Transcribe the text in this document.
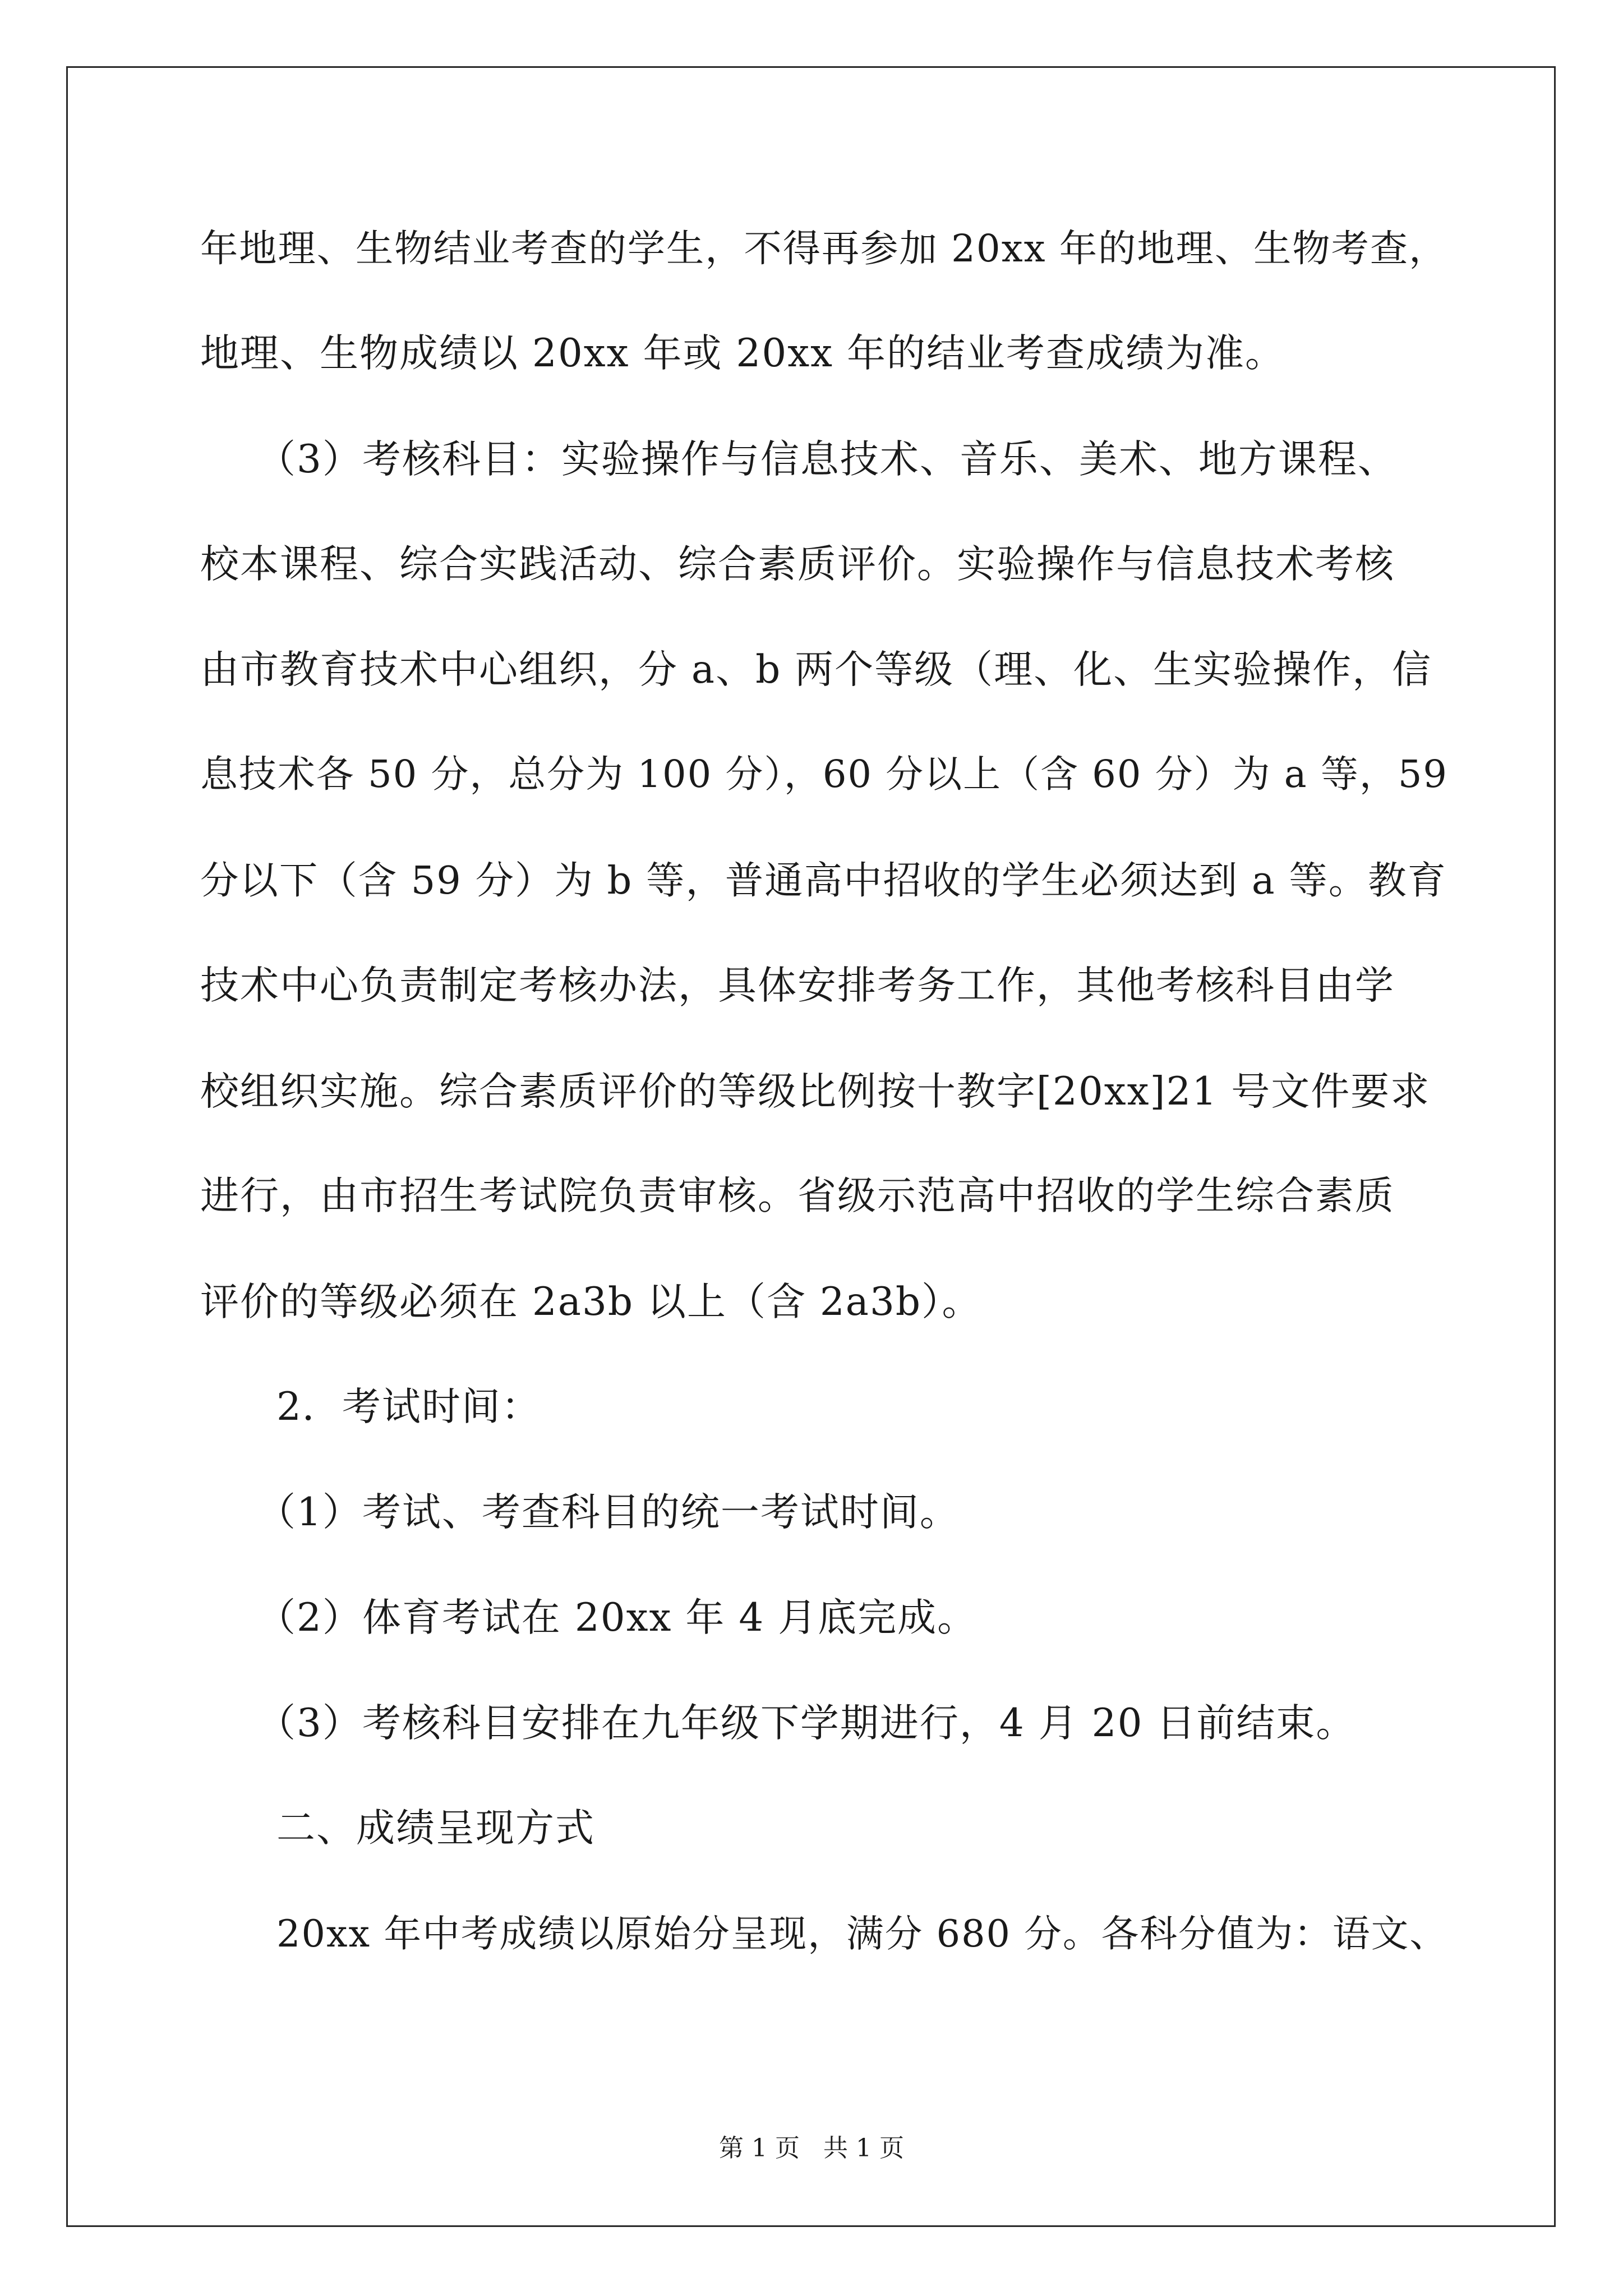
年地理、生物结业考查的学生，不得再参加 20xx 年的地理、生物考查，
地理、生物成绩以 20xx 年或 20xx 年的结业考查成绩为准。
（3）考核科目：实验操作与信息技术、音乐、美术、地方课程、
校本课程、综合实践活动、综合素质评价。实验操作与信息技术考核
由市教育技术中心组织，分 a、b 两个等级（理、化、生实验操作，信
息技术各 50 分，总分为 100 分），60 分以上（含 60 分）为 a 等，59
分以下（含 59 分）为 b 等，普通高中招收的学生必须达到 a 等。教育
技术中心负责制定考核办法，具体安排考务工作，其他考核科目由学
校组织实施。综合素质评价的等级比例按十教字[20xx]21 号文件要求
进行，由市招生考试院负责审核。省级示范高中招收的学生综合素质
评价的等级必须在 2a3b 以上（含 2a3b）。
2．考试时间：
（1）考试、考查科目的统一考试时间。
（2）体育考试在 20xx 年 4 月底完成。
（3）考核科目安排在九年级下学期进行，4 月 20 日前结束。
二、成绩呈现方式
20xx 年中考成绩以原始分呈现，满分 680 分。各科分值为：语文、
第 1 页   共 1 页
